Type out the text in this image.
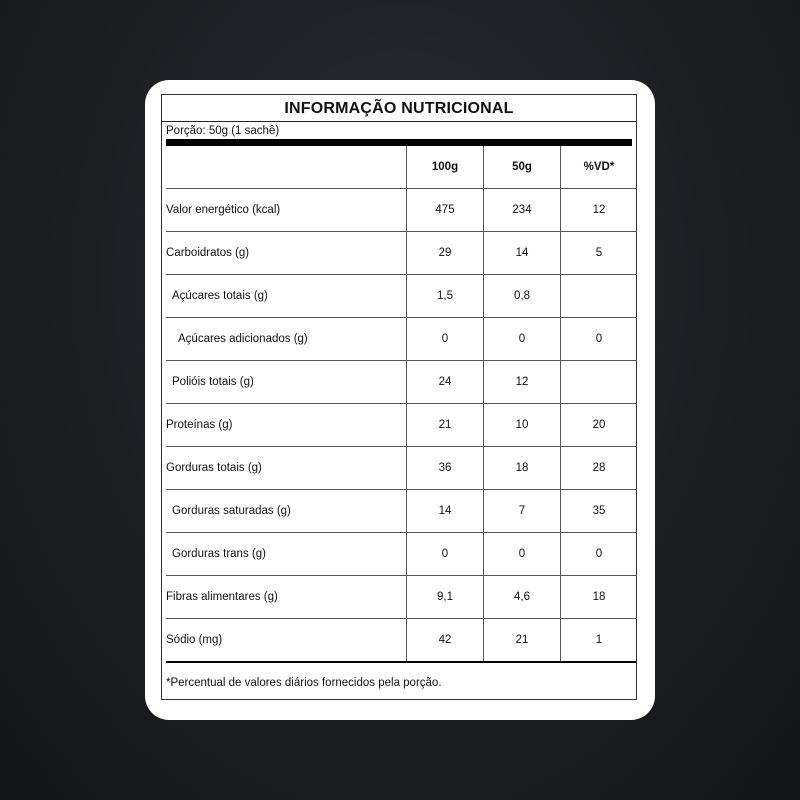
INFORMAÇÃO NUTRICIONAL
Porção: 50g (1 sachê)
	100g	50g	%VD*
Valor energético (kcal)	475	234	12
Carboidratos (g)	29	14	5
Açúcares totais (g)	1,5	0,8	
Açúcares adicionados (g)	0	0	0
Polióis totais (g)	24	12	
Proteínas (g)	21	10	20
Gorduras totais (g)	36	18	28
Gorduras saturadas (g)	14	7	35
Gorduras trans (g)	0	0	0
Fibras alimentares (g)	9,1	4,6	18
Sódio (mg)	42	21	1
*Percentual de valores diários fornecidos pela porção.
